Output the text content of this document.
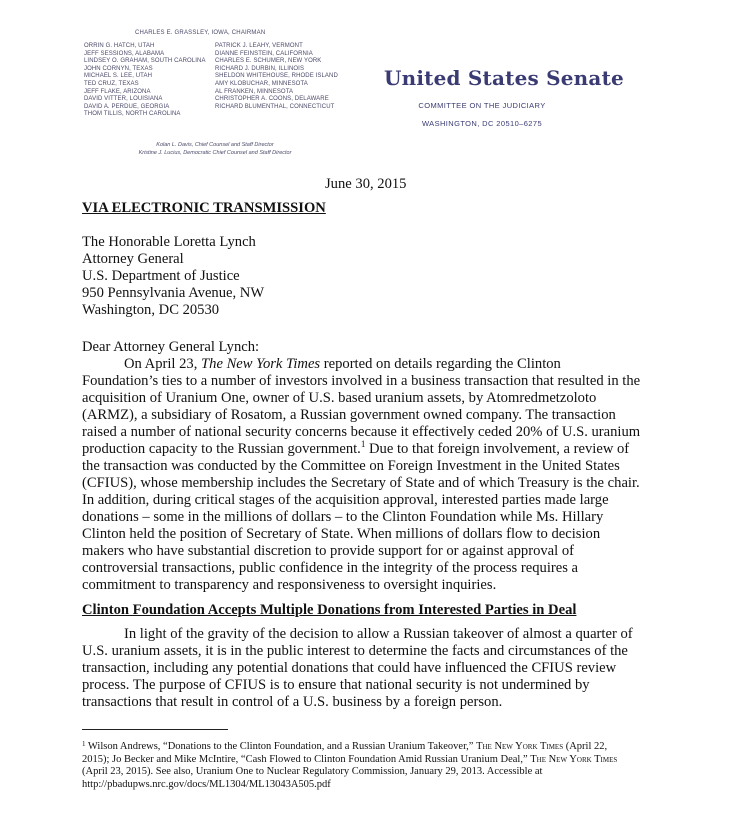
CHARLES E. GRASSLEY, IOWA, CHAIRMAN
ORRIN G. HATCH, UTAH
JEFF SESSIONS, ALABAMA
LINDSEY O. GRAHAM, SOUTH CAROLINA
JOHN CORNYN, TEXAS
MICHAEL S. LEE, UTAH
TED CRUZ, TEXAS
JEFF FLAKE, ARIZONA
DAVID VITTER, LOUISIANA
DAVID A. PERDUE, GEORGIA
THOM TILLIS, NORTH CAROLINA
PATRICK J. LEAHY, VERMONT
DIANNE FEINSTEIN, CALIFORNIA
CHARLES E. SCHUMER, NEW YORK
RICHARD J. DURBIN, ILLINOIS
SHELDON WHITEHOUSE, RHODE ISLAND
AMY KLOBUCHAR, MINNESOTA
AL FRANKEN, MINNESOTA
CHRISTOPHER A. COONS, DELAWARE
RICHARD BLUMENTHAL, CONNECTICUT
Kolan L. Davis, Chief Counsel and Staff Director
Kristine J. Lucius, Democratic Chief Counsel and Staff Director
United States Senate
COMMITTEE ON THE JUDICIARY
WASHINGTON, DC 20510–6275
June 30, 2015
VIA ELECTRONIC TRANSMISSION
The Honorable Loretta Lynch
Attorney General
U.S. Department of Justice
950 Pennsylvania Avenue, NW
Washington, DC 20530
Dear Attorney General Lynch:
On April 23, The New York Times reported on details regarding the Clinton
Foundation’s ties to a number of investors involved in a business transaction that resulted in the
acquisition of Uranium One, owner of U.S. based uranium assets, by Atomredmetzoloto
(ARMZ), a subsidiary of Rosatom, a Russian government owned company. The transaction
raised a number of national security concerns because it effectively ceded 20% of U.S. uranium
production capacity to the Russian government.$^1$ Due to that foreign involvement, a review of
the transaction was conducted by the Committee on Foreign Investment in the United States
(CFIUS), whose membership includes the Secretary of State and of which Treasury is the chair.
In addition, during critical stages of the acquisition approval, interested parties made large
donations – some in the millions of dollars – to the Clinton Foundation while Ms. Hillary
Clinton held the position of Secretary of State. When millions of dollars flow to decision
makers who have substantial discretion to provide support for or against approval of
controversial transactions, public confidence in the integrity of the process requires a
commitment to transparency and responsiveness to oversight inquiries.
Clinton Foundation Accepts Multiple Donations from Interested Parties in Deal
In light of the gravity of the decision to allow a Russian takeover of almost a quarter of
U.S. uranium assets, it is in the public interest to determine the facts and circumstances of the
transaction, including any potential donations that could have influenced the CFIUS review
process. The purpose of CFIUS is to ensure that national security is not undermined by
transactions that result in control of a U.S. business by a foreign person.
$^1$ Wilson Andrews, “Donations to the Clinton Foundation, and a Russian Uranium Takeover,” The New York Times (April 22,
2015); Jo Becker and Mike McIntire, “Cash Flowed to Clinton Foundation Amid Russian Uranium Deal,” The New York Times
(April 23, 2015). See also, Uranium One to Nuclear Regulatory Commission, January 29, 2013. Accessible at
http://pbadupws.nrc.gov/docs/ML1304/ML13043A505.pdf
